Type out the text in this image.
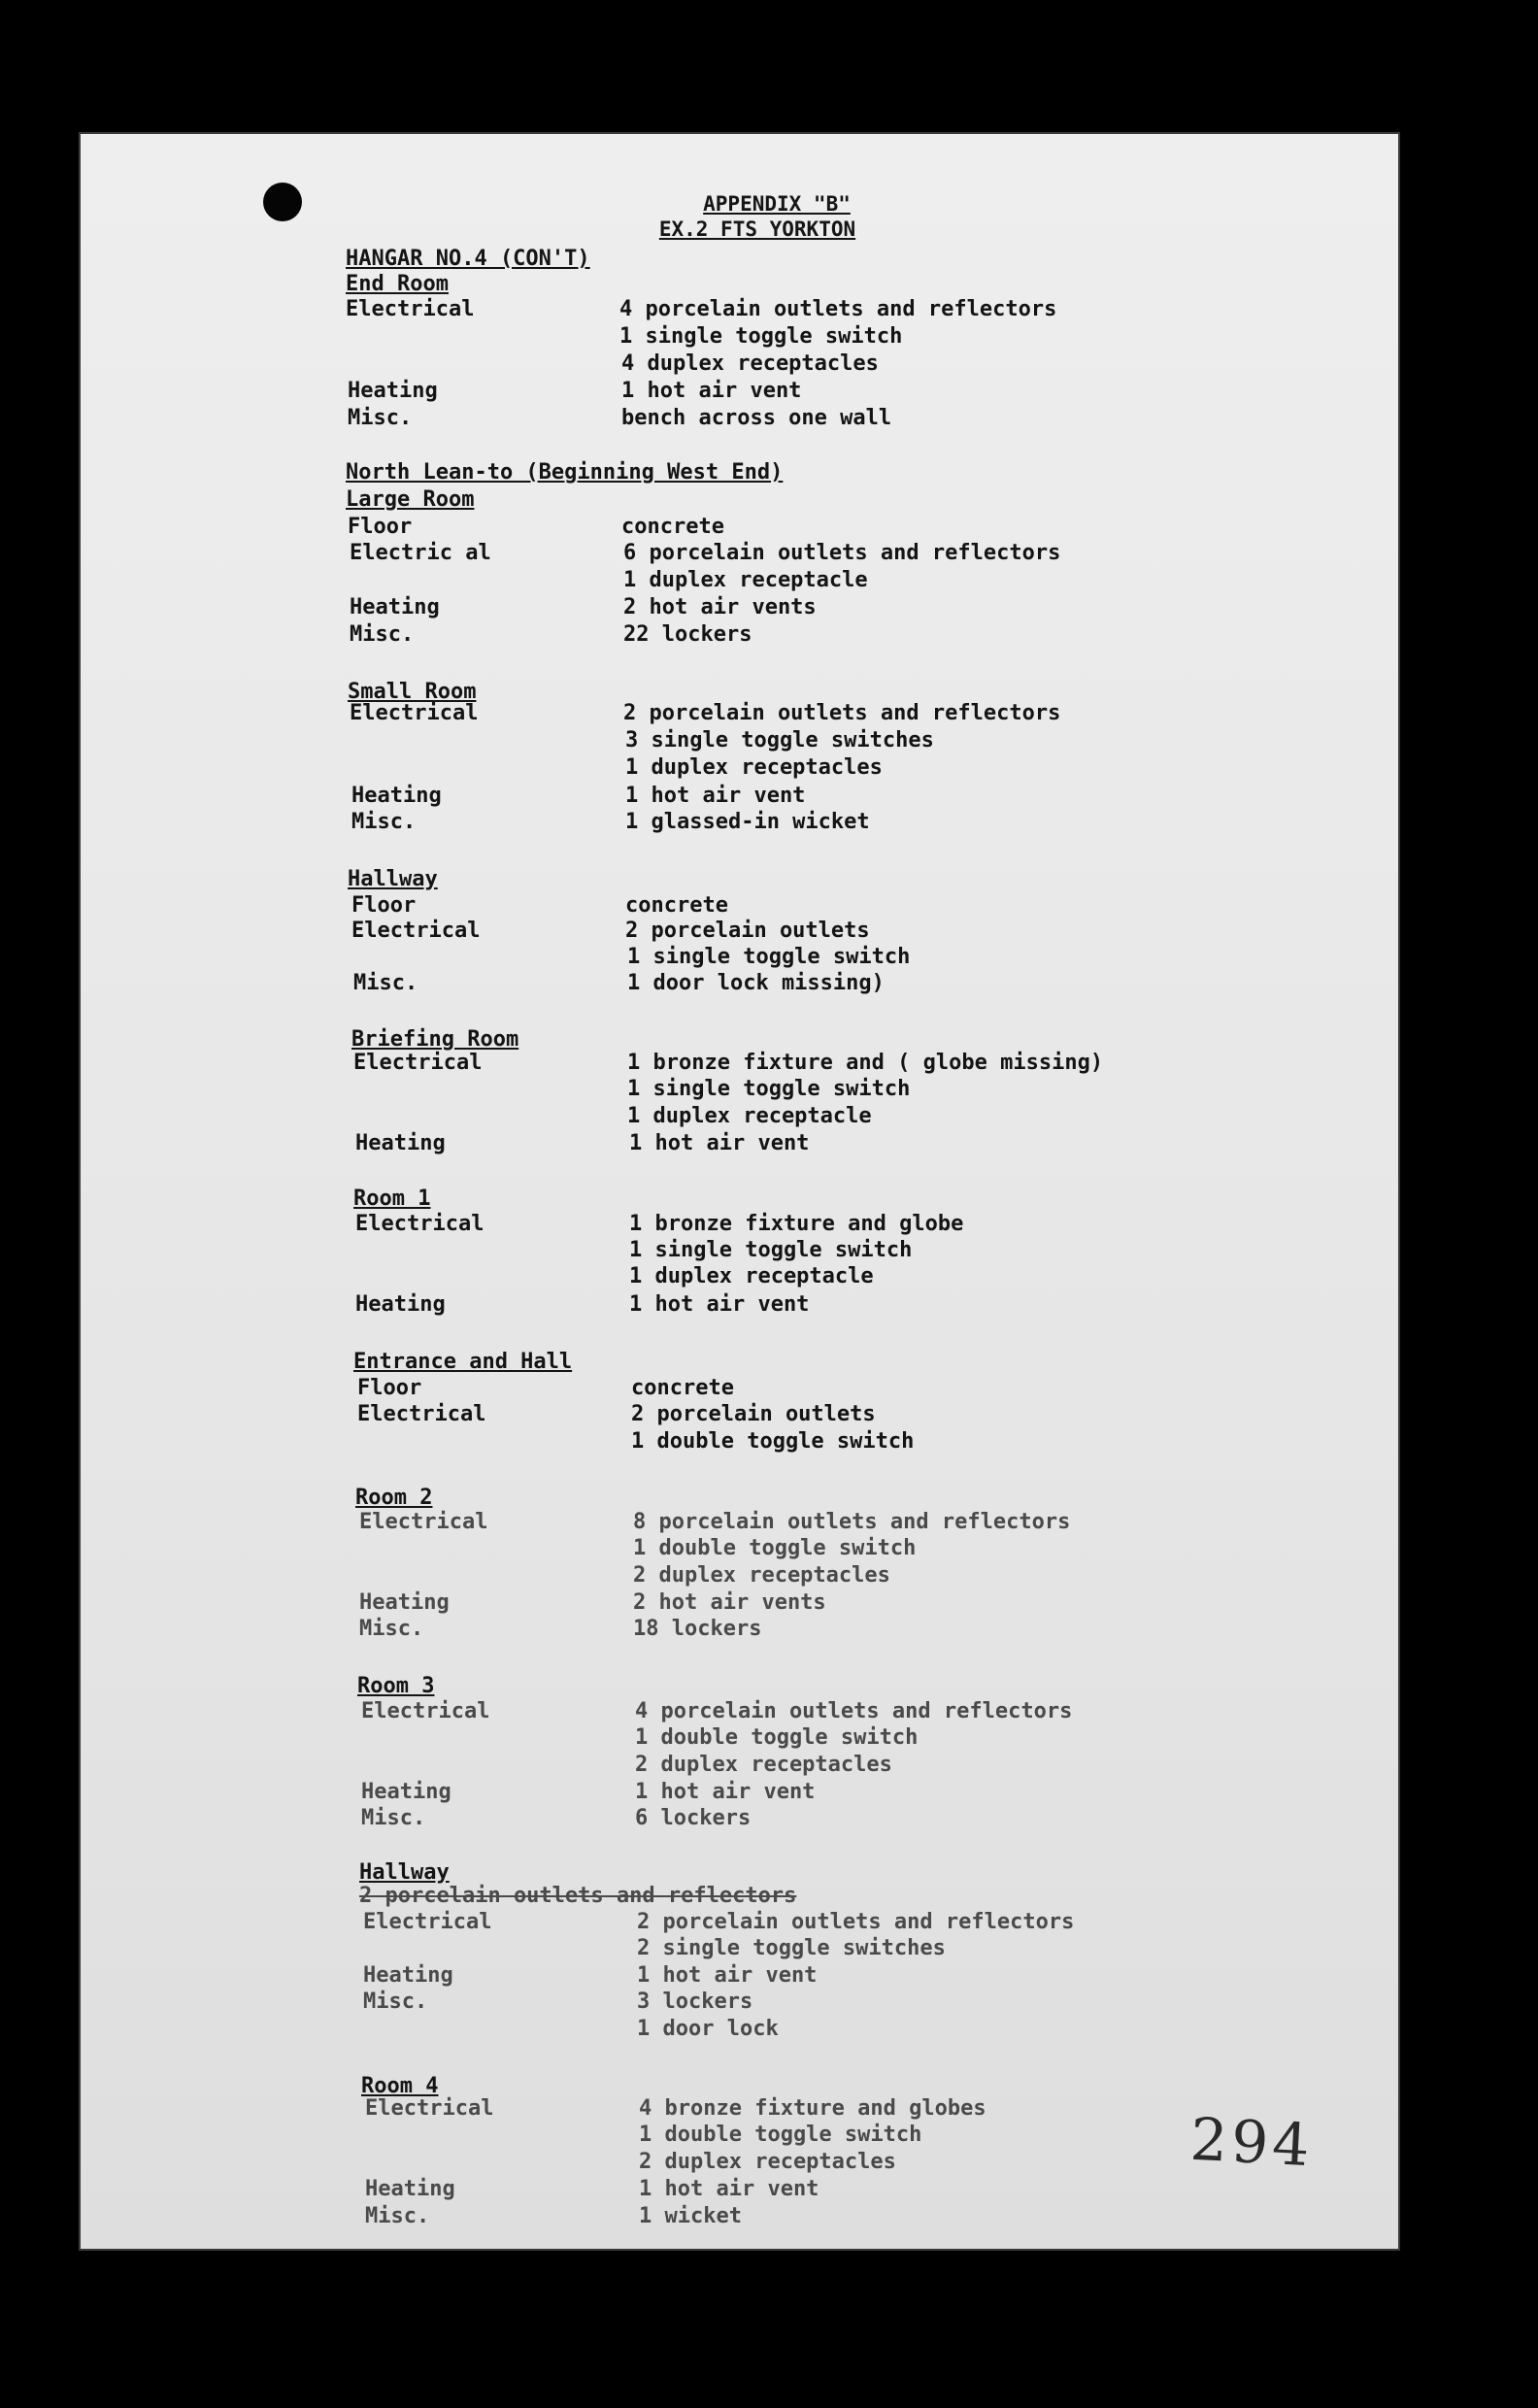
APPENDIX "B"
EX.2 FTS YORKTON
HANGAR NO.4 (CON'T)
End Room
Electrical	4 porcelain outlets and reflectors
1 single toggle switch
4 duplex receptacles
Heating	1 hot air vent
Misc.	bench across one wall
North Lean-to (Beginning West End)
Large Room
Floor	concrete
Electric al	6 porcelain outlets and reflectors
1 duplex receptacle
Heating	2 hot air vents
Misc.	22 lockers
Small Room
Electrical	2 porcelain outlets and reflectors
3 single toggle switches
1 duplex receptacles
Heating	1 hot air vent
Misc.	1 glassed-in wicket
Hallway
Floor	concrete
Electrical	2 porcelain outlets
1 single toggle switch
Misc.	1 door lock missing)
Briefing Room
Electrical	1 bronze fixture and ( globe missing)
1 single toggle switch
1 duplex receptacle
Heating	1 hot air vent
Room 1
Electrical	1 bronze fixture and globe
1 single toggle switch
1 duplex receptacle
Heating	1 hot air vent
Entrance and Hall
Floor	concrete
Electrical	2 porcelain outlets
1 double toggle switch
Room 2
Electrical	8 porcelain outlets and reflectors
1 double toggle switch
2 duplex receptacles
Heating	2 hot air vents
Misc.	18 lockers
Room 3
Electrical	4 porcelain outlets and reflectors
1 double toggle switch
2 duplex receptacles
Heating	1 hot air vent
Misc.	6 lockers
Hallway
2 porcelain outlets and reflectors
Electrical	2 porcelain outlets and reflectors
2 single toggle switches
Heating	1 hot air vent
Misc.	3 lockers
1 door lock
Room 4
Electrical	4 bronze fixture and globes
1 double toggle switch
2 duplex receptacles
Heating	1 hot air vent
Misc.	1 wicket
294
